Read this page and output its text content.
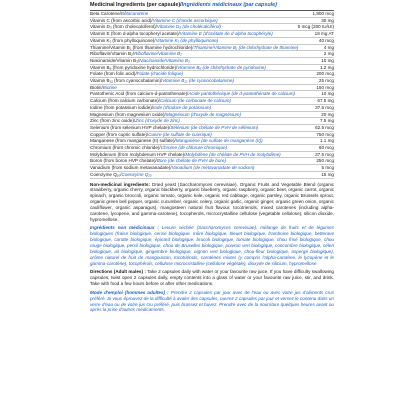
Medicinal Ingredients (per capsule)/Ingrédients médicinaux (par capsule)
Beta Carotene/Bêtacarotène	1,800 mcg
Vitamin C (from ascorbic acid)/Vitamine C (d'acide ascorbique)	30 mg
Vitamin D₃ (from cholecalciferol)/Vitamine D₃ (de cholécalciférol)	5 mcg (200 IU/UI)
Vitamin E (from d-alpha tocopheryl acetate)/Vitamine E (d'acétate de d-alpha tocophéryle)	18 mg AT
Vitamin K₁ (from phylloquinone)/Vitamine K₁ (de phylloquinone)	40 mcg
Thiamine/Vitamin B₁ (from thiamine hydrochloride)/Thiamine/Vitamine B₁ (de chlorhydrate de thiamine)	4 mg
Riboflavin/Vitamin B₂/Riboflavine/Vitamine B₂	2 mg
Niacinamide/Vitamin B₃/Niacinamide/Vitamine B₃	10 mg
Vitamin B₆ (from pyridoxine hydrochloride)/Vitamine B₆ (de chlorhydrate de pyridoxine)	1.2 mg
Folate (from folic acid)/Folate (d'acide folique)	200 mcg
Vitamin B₁₂ (from cyanocobalamin)/Vitamine B₁₂ (de cyanocobalamine)	25 mcg
Biotin/Biotine	150 mcg
Pantothenic Acid (from calcium-d-pantothenate)/Acide pantothénique (de d-pantothénate de calcium)	10 mg
Calcium (from calcium carbonate)/Calcium (de carbonate de calcium)	67.5 mg
Iodine (from potassium iodide)/Iode (d'iodure de potassium)	37.5 mcg
Magnesium (from magnesium oxide)/Magnésium (d'oxyde de magnésium)	20 mg
Zinc (from zinc oxide)/Zinc (d'oxyde de zinc)	7.5 mg
Selenium (from selenium HVP chelate)/Sélénium (de chélate de PVH de sélénium)	62.5 mcg
Copper (from cupric sulfate)/Cuivre (de sulfate de cuivrique)	750 mcg
Manganese (from manganese (II) sulfate)/Manganèse (de sulfate de manganèse (II))	1.1 mg
Chromium (from chromic chloride)/Chrome (de chlorure chromique)	60 mcg
Molybdenum (from molybdenum HVP chelate)/Molybdène (de chélate de PVH de molybdène)	37.5 mcg
Boron (from boron HVP chelate)/Bore (de chélate de PVH de bore)	250 mcg
Vanadium (from sodium metavanadate)/Vanadium (de métavanadate de sodium)	5 mcg
Coenzyme Q₁₀/Coenzyme Q₁₀	15 mg
Non-medicinal ingredients: Dried yeast (Saccharomyces cerevisiae), Organic Fruits and Vegetable Blend (organic strawberry, organic cherry, organic blackberry, organic blueberry, organic raspberry, organic beet, organic carrot, organic spinach, organic broccoli, organic tomato, organic kale, organic red cabbage, organic parsley, organic Brussels sprout, organic green bell pepper, organic cucumber, organic celery, organic garlic, organic ginger, organic green onion, organic cauliflower, organic asparagus), mangosteen natural fruit flavour, tocotrienols, mixed carotenes (including alpha-carotene, lycopene, and gamma-carotene), tocopherols, microcrystalline cellulose (vegetable cellulose), silicon dioxide, hypromellose.
Ingrédients non médicinaux : Levure séchée (Saccharomyces cerevisiae), mélange de fruits et de légumes biologiques (fraise biologique, cerise biologique, mûre biologique, bleuet biologique, framboise biologique, betterave biologique, carotte biologique, épinard biologique, brocoli biologique, tomate biologique, chou frisé biologique, chou rouge biologique, persil biologique, chou de Bruxelles biologique, poivron vert biologique, concombre biologique, céleri biologique, ail biologique, gingembre biologique, oignon vert biologique, chou-fleur biologique, asperge biologique), arôme naturel de fruit de mangoustan, tocotriénols, caroténes mixtes (y compris l'alpha-carotène, le lycopène et le gamma-carotène), tocophérols, cellulose microcristalline (cellulose végétale), dioxyde de silicium, hypromellose.
Directions (Adult males) : Take 2 capsules daily with water or your favourite raw juice. If you have difficulty swallowing capsules, twist open 2 capsules daily, empty contents into a glass of water or your favourite raw juice, stir, and drink. Take with food a few hours before or after other medications.
Mode d'emploi (hommes adultes) : Prendre 2 capsules par jour avec de l'eau ou avec votre jus d'aliments crus préféré. Si vous éprouvez de la difficulté à avaler des capsules, ouvrez 2 capsules par jour et versez le contenu dans un verre d'eau ou de votre jus cru préféré, puis brassez et buvez. Prendre avec de la nourriture quelques heures avant ou après la prise d'autres médicaments.
